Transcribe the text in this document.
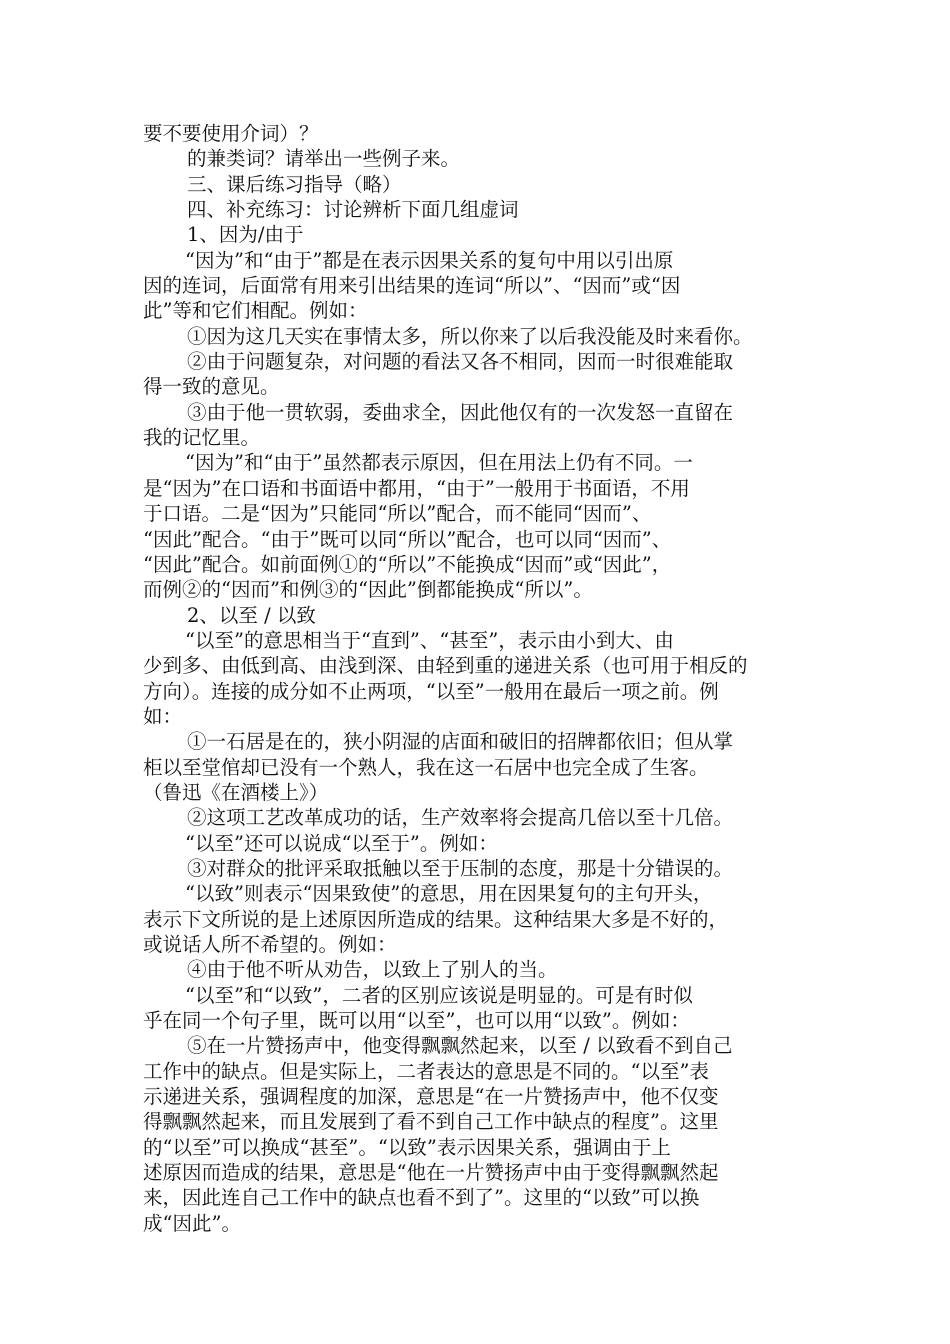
要不要使用介词）？

的兼类词？请举出一些例子来。

三、课后练习指导（略）

四、补充练习：讨论辨析下面几组虚词

1、因为/由于

“因为”和“由于”都是在表示因果关系的复句中用以引出原

因的连词，后面常有用来引出结果的连词“所以”、“因而”或“因

此”等和它们相配。例如：

①因为这几天实在事情太多，所以你来了以后我没能及时来看你。

②由于问题复杂，对问题的看法又各不相同，因而一时很难能取

得一致的意见。

③由于他一贯软弱，委曲求全，因此他仅有的一次发怒一直留在

我的记忆里。

“因为”和“由于”虽然都表示原因，但在用法上仍有不同。一

是“因为”在口语和书面语中都用，“由于”一般用于书面语，不用

于口语。二是“因为”只能同“所以”配合，而不能同“因而”、

“因此”配合。“由于”既可以同“所以”配合，也可以同“因而”、

“因此”配合。如前面例①的“所以”不能换成“因而”或“因此”，

而例②的“因而”和例③的“因此”倒都能换成“所以”。

2、以至 / 以致

“以至”的意思相当于“直到”、“甚至”，表示由小到大、由

少到多、由低到高、由浅到深、由轻到重的递进关系（也可用于相反的

方向）。连接的成分如不止两项，“以至”一般用在最后一项之前。例

如：

①一石居是在的，狭小阴湿的店面和破旧的招牌都依旧；但从掌

柜以至堂倌却已没有一个熟人，我在这一石居中也完全成了生客。

（鲁迅《在酒楼上》）

②这项工艺改革成功的话，生产效率将会提高几倍以至十几倍。

“以至”还可以说成“以至于”。例如：

③对群众的批评采取抵触以至于压制的态度，那是十分错误的。

“以致”则表示“因果致使”的意思，用在因果复句的主句开头，

表示下文所说的是上述原因所造成的结果。这种结果大多是不好的，

或说话人所不希望的。例如：

④由于他不听从劝告，以致上了别人的当。

“以至”和“以致”，二者的区别应该说是明显的。可是有时似

乎在同一个句子里，既可以用“以至”，也可以用“以致”。例如：

⑤在一片赞扬声中，他变得飘飘然起来，以至 / 以致看不到自己

工作中的缺点。但是实际上，二者表达的意思是不同的。“以至”表

示递进关系，强调程度的加深，意思是“在一片赞扬声中，他不仅变

得飘飘然起来，而且发展到了看不到自己工作中缺点的程度”。这里

的“以至”可以换成“甚至”。“以致”表示因果关系，强调由于上

述原因而造成的结果，意思是“他在一片赞扬声中由于变得飘飘然起

来，因此连自己工作中的缺点也看不到了”。这里的“以致”可以换

成“因此”。
